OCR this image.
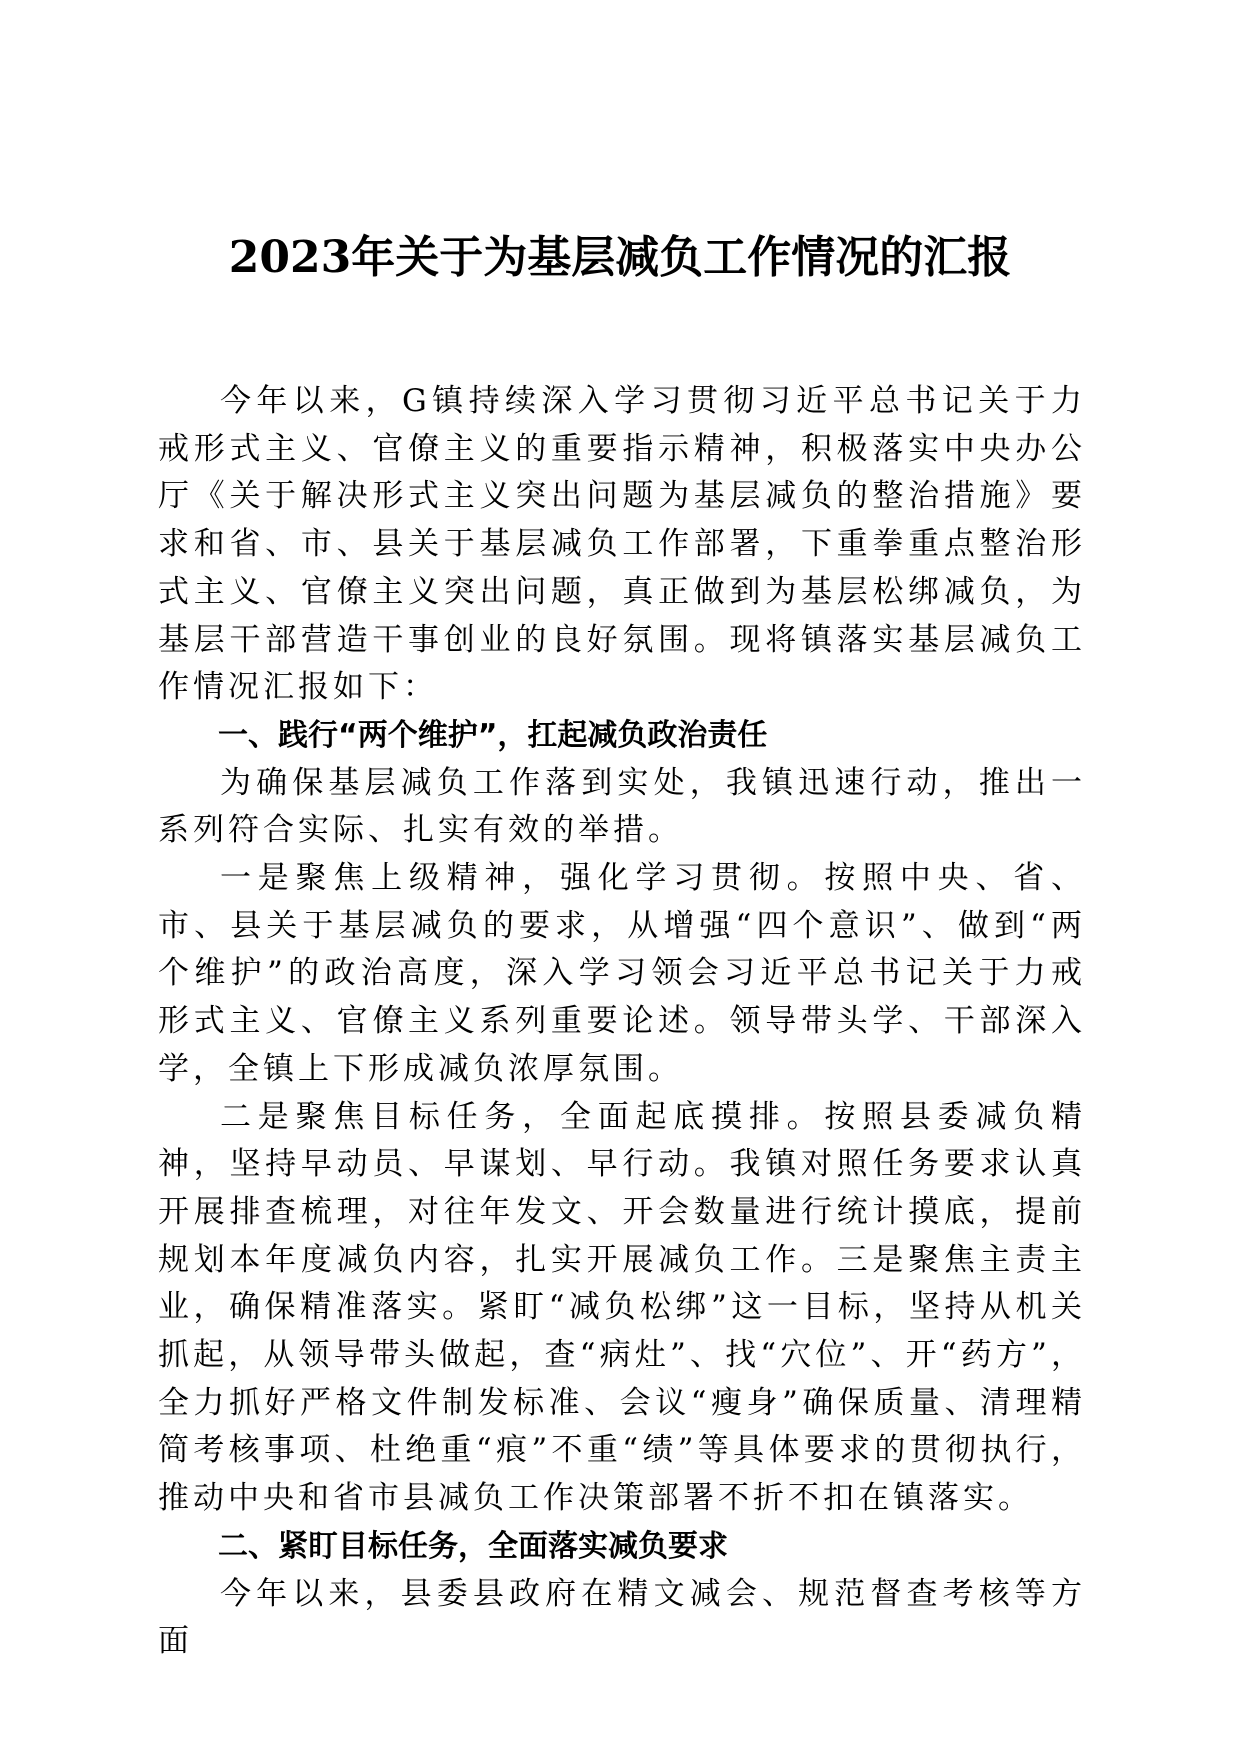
2023年关于为基层减负工作情况的汇报

今年以来，G镇持续深入学习贯彻习近平总书记关于力戒形式主义、官僚主义的重要指示精神，积极落实中央办公厅《关于解决形式主义突出问题为基层减负的整治措施》要求和省、市、县关于基层减负工作部署，下重拳重点整治形式主义、官僚主义突出问题，真正做到为基层松绑减负，为基层干部营造干事创业的良好氛围。现将镇落实基层减负工作情况汇报如下：

一、践行“两个维护”，扛起减负政治责任

为确保基层减负工作落到实处，我镇迅速行动，推出一系列符合实际、扎实有效的举措。

一是聚焦上级精神，强化学习贯彻。按照中央、省、市、县关于基层减负的要求，从增强“四个意识”、做到“两个维护”的政治高度，深入学习领会习近平总书记关于力戒形式主义、官僚主义系列重要论述。领导带头学、干部深入学，全镇上下形成减负浓厚氛围。

二是聚焦目标任务，全面起底摸排。按照县委减负精神，坚持早动员、早谋划、早行动。我镇对照任务要求认真开展排查梳理，对往年发文、开会数量进行统计摸底，提前规划本年度减负内容，扎实开展减负工作。三是聚焦主责主业，确保精准落实。紧盯“减负松绑”这一目标，坚持从机关抓起，从领导带头做起，查“病灶”、找“穴位”、开“药方”，全力抓好严格文件制发标准、会议“瘦身”确保质量、清理精简考核事项、杜绝重“痕”不重“绩”等具体要求的贯彻执行，推动中央和省市县减负工作决策部署不折不扣在镇落实。

二、紧盯目标任务，全面落实减负要求

今年以来，县委县政府在精文减会、规范督查考核等方面
